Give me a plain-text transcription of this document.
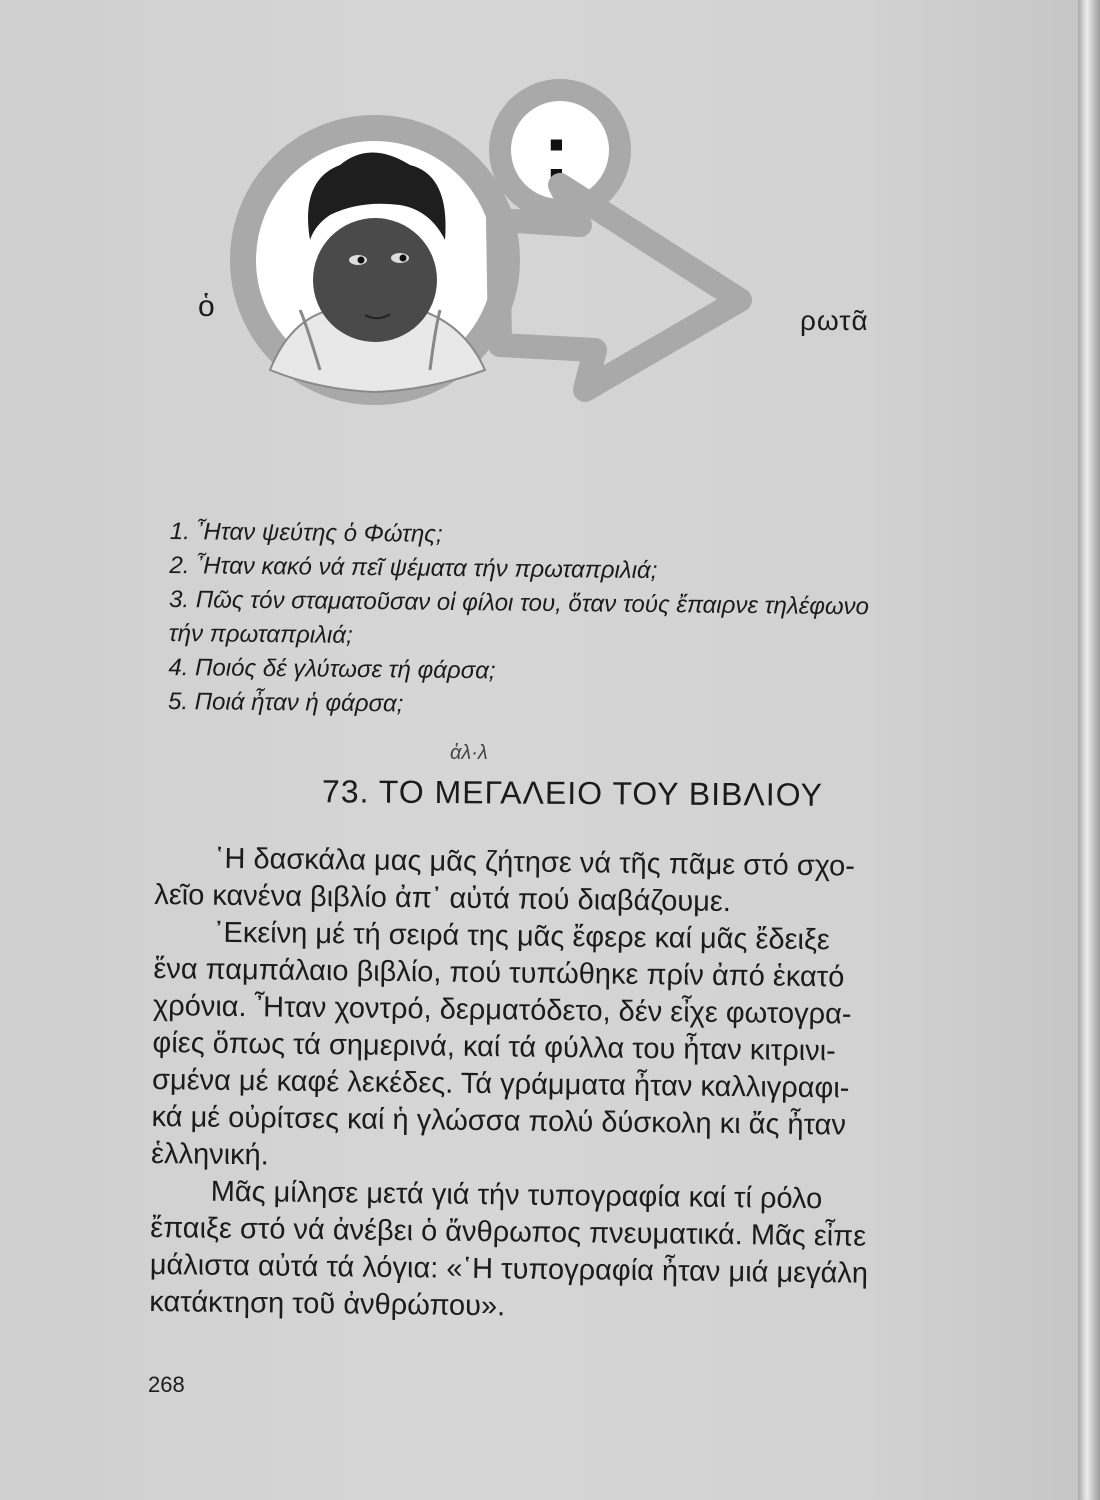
;
ὁ	ρωτᾶ
1. Ἦταν ψεύτης ὁ Φώτης;
2. Ἦταν κακό νά πεῖ ψέματα τήν πρωταπριλιά;
3. Πῶς τόν σταματοῦσαν οἱ φίλοι του, ὅταν τούς ἔπαιρνε τηλέφωνο
τήν πρωταπριλιά;
4. Ποιός δέ γλύτωσε τή φάρσα;
5. Ποιά ἦταν ἡ φάρσα;
ἀλ·λ
73. ΤΟ ΜΕΓΑΛΕΙΟ ΤΟΥ ΒΙΒΛΙΟΥ
῾Η δασκάλα μας μᾶς ζήτησε νά τῆς πᾶμε στό σχο-
λεῖο κανένα βιβλίο ἀπ᾿ αὐτά πού διαβάζουμε.
᾿Εκείνη μέ τή σειρά της μᾶς ἔφερε καί μᾶς ἔδειξε
ἕνα παμπάλαιο βιβλίο, πού τυπώθηκε πρίν ἀπό ἑκατό
χρόνια. Ἦταν χοντρό, δερματόδετο, δέν εἶχε φωτογρα-
φίες ὅπως τά σημερινά, καί τά φύλλα του ἦταν κιτρινι-
σμένα μέ καφέ λεκέδες. Τά γράμματα ἦταν καλλιγραφι-
κά μέ οὐρίτσες καί ἡ γλώσσα πολύ δύσκολη κι ἄς ἦταν
ἑλληνική.
Μᾶς μίλησε μετά γιά τήν τυπογραφία καί τί ρόλο
ἔπαιξε στό νά ἀνέβει ὁ ἄνθρωπος πνευματικά. Μᾶς εἶπε
μάλιστα αὐτά τά λόγια: «῾Η τυπογραφία ἦταν μιά μεγάλη
κατάκτηση τοῦ ἀνθρώπου».
268
